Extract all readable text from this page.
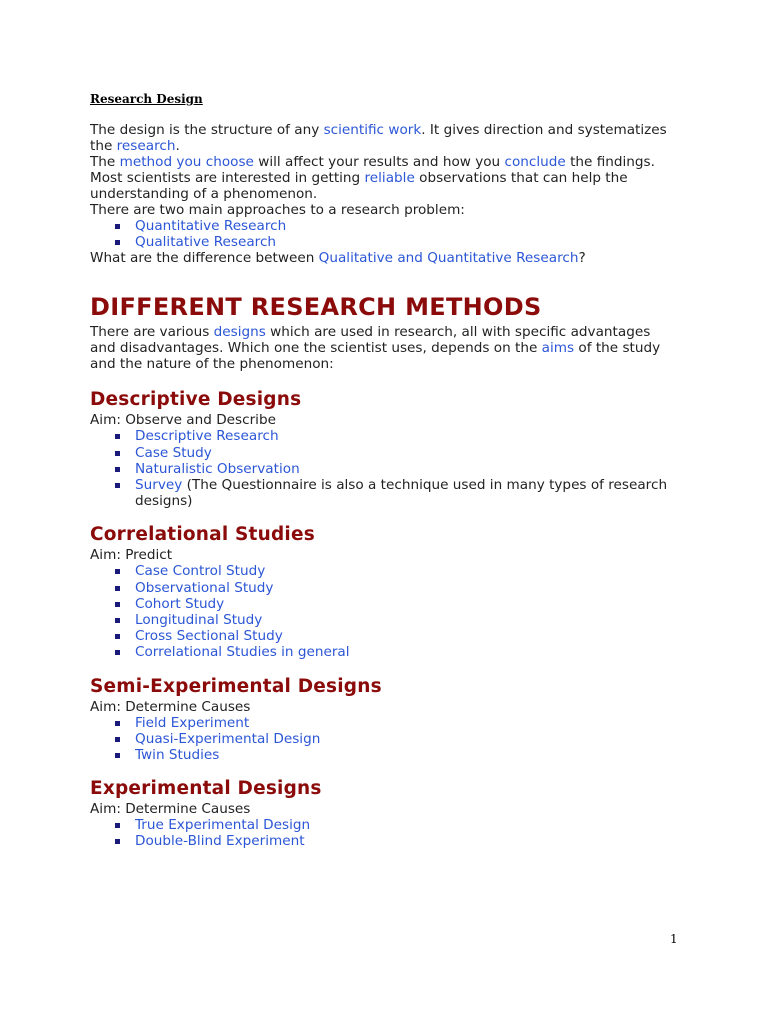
Research Design

The design is the structure of any scientific work. It gives direction and systematizes the research.

The method you choose will affect your results and how you conclude the findings.

Most scientists are interested in getting reliable observations that can help the understanding of a phenomenon.

There are two main approaches to a research problem:

Quantitative Research
Qualitative Research

What are the difference between Qualitative and Quantitative Research?

DIFFERENT RESEARCH METHODS

There are various designs which are used in research, all with specific advantages and disadvantages. Which one the scientist uses, depends on the aims of the study and the nature of the phenomenon:

Descriptive Designs

Aim: Observe and Describe

Descriptive Research
Case Study
Naturalistic Observation
Survey (The Questionnaire is also a technique used in many types of research designs)
Correlational Studies

Aim: Predict

Case Control Study
Observational Study
Cohort Study
Longitudinal Study
Cross Sectional Study
Correlational Studies in general
Semi-Experimental Designs

Aim: Determine Causes

Field Experiment
Quasi-Experimental Design
Twin Studies
Experimental Designs

Aim: Determine Causes

True Experimental Design
Double-Blind Experiment
1
